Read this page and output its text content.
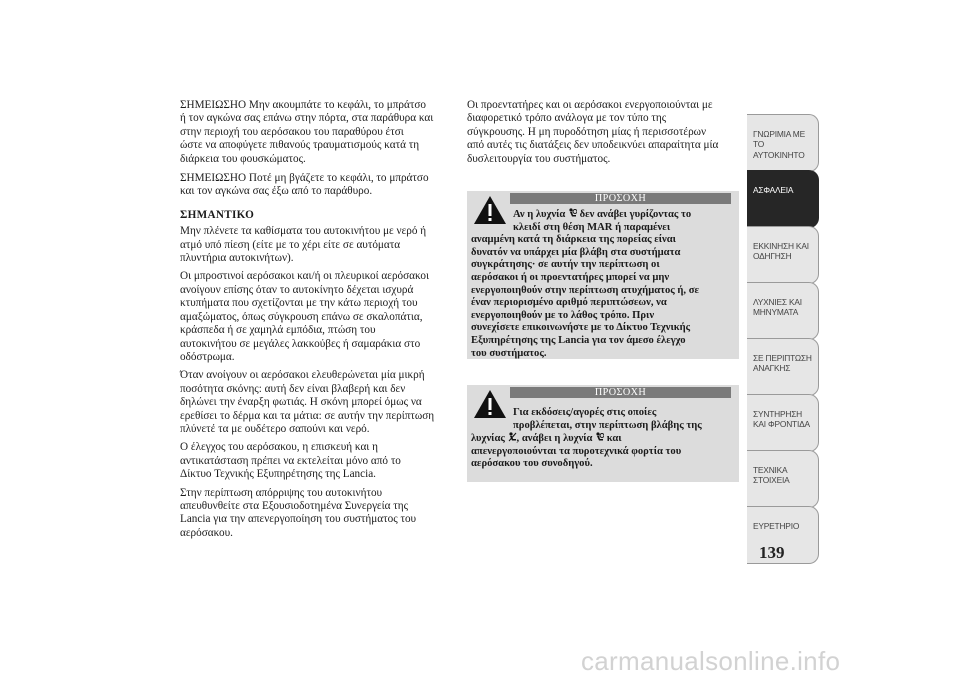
ΣΗΜΕΙΩΣΗΟ Μην ακουμπάτε το κεφάλι, το μπράτσο
ή τον αγκώνα σας επάνω στην πόρτα, στα παράθυρα και
στην περιοχή του αερόσακου του παραθύρου έτσι
ώστε να αποφύγετε πιθανούς τραυματισμούς κατά τη
διάρκεια του φουσκώματος.
ΣΗΜΕΙΩΣΗΟ Ποτέ μη βγάζετε το κεφάλι, το μπράτσο
και τον αγκώνα σας έξω από το παράθυρο.
ΣΗΜΑΝΤΙΚΟ
Μην πλένετε τα καθίσματα του αυτοκινήτου με νερό ή
ατμό υπό πίεση (είτε με το χέρι είτε σε αυτόματα
πλυντήρια αυτοκινήτων).
Οι μπροστινοί αερόσακοι και/ή οι πλευρικοί αερόσακοι
ανοίγουν επίσης όταν το αυτοκίνητο δέχεται ισχυρά
κτυπήματα που σχετίζονται με την κάτω περιοχή του
αμαξώματος, όπως σύγκρουση επάνω σε σκαλοπάτια,
κράσπεδα ή σε χαμηλά εμπόδια, πτώση του
αυτοκινήτου σε μεγάλες λακκούβες ή σαμαράκια στο
οδόστρωμα.
Όταν ανοίγουν οι αερόσακοι ελευθερώνεται μία μικρή
ποσότητα σκόνης: αυτή δεν είναι βλαβερή και δεν
δηλώνει την έναρξη φωτιάς. Η σκόνη μπορεί όμως να
ερεθίσει το δέρμα και τα μάτια: σε αυτήν την περίπτωση
πλύνετέ τα με ουδέτερο σαπούνι και νερό.
Ο έλεγχος του αερόσακου, η επισκευή και η
αντικατάσταση πρέπει να εκτελείται μόνο από το
Δίκτυο Τεχνικής Εξυπηρέτησης της Lancia.
Στην περίπτωση απόρριψης του αυτοκινήτου
απευθυνθείτε στα Εξουσιοδοτημένα Συνεργεία της
Lancia για την απενεργοποίηση του συστήματος του
αερόσακου.
Οι προεντατήρες και οι αερόσακοι ενεργοποιούνται με
διαφορετικό τρόπο ανάλογα με τον τύπο της
σύγκρουσης. Η μη πυροδότηση μίας ή περισσοτέρων
από αυτές τις διατάξεις δεν υποδεικνύει απαραίτητα μία
δυσλειτουργία του συστήματος.
ΠΡΟΣΟΧΗ

Αν η λυχνία δεν ανάβει γυρίζοντας το

κλειδί στη θέση MAR ή παραμένει

αναμμένη κατά τη διάρκεια της πορείας είναι

δυνατόν να υπάρχει μία βλάβη στα συστήματα

συγκράτησης· σε αυτήν την περίπτωση οι

αερόσακοι ή οι προεντατήρες μπορεί να μην

ενεργοποιηθούν στην περίπτωση ατυχήματος ή, σε

έναν περιορισμένο αριθμό περιπτώσεων, να

ενεργοποιηθούν με το λάθος τρόπο. Πριν

συνεχίσετε επικοινωνήστε με το Δίκτυο Τεχνικής

Εξυπηρέτησης της Lancia για τον άμεσο έλεγχο

του συστήματος.

ΠΡΟΣΟΧΗ

Για εκδόσεις/αγορές στις οποίες

προβλέπεται, στην περίπτωση βλάβης της

λυχνίας , ανάβει η λυχνία και

απενεργοποιούνται τα πυροτεχνικά φορτία του

αερόσακου του συνοδηγού.

ΓΝΩΡΙΜΙΑ ΜΕ ΤΟ ΑΥΤΟΚΙΝΗΤΟ
ΑΣΦΑΛΕΙΑ
ΕΚΚΙΝΗΣΗ ΚΑΙ ΟΔΗΓΗΣΗ
ΛΥΧΝΙΕΣ ΚΑΙ ΜΗΝΥΜΑΤΑ
ΣΕ ΠΕΡΙΠΤΩΣΗ ΑΝΑΓΚΗΣ
ΣΥΝΤΗΡΗΣΗ ΚΑΙ ΦΡΟΝΤΙΔΑ
ΤΕΧΝΙΚΑ ΣΤΟΙΧΕΙΑ
ΕΥΡΕΤΗΡΙΟ
139
carmanualsonline.info
